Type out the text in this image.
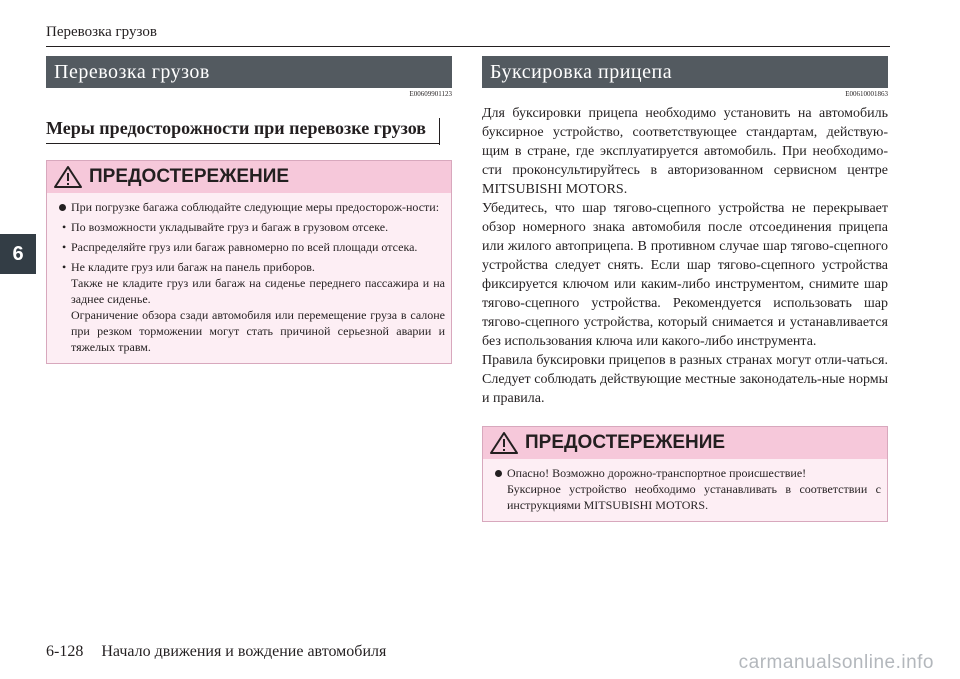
Перевозка грузов
6
Перевозка грузов
E00609901123
Меры предосторожности при перевозке грузов
ПРЕДОСТЕРЕЖЕНИЕ

При погрузке багажа соблюдайте следующие меры предосторож-ности:

• По возможности укладывайте груз и багаж в грузовом отсеке.

• Распределяйте груз или багаж равномерно по всей площади отсека.

• Не кладите груз или багаж на панель приборов.

Также не кладите груз или багаж на сиденье переднего пассажира и на заднее сиденье.

Ограничение обзора сзади автомобиля или перемещение груза в салоне при резком торможении могут стать причиной серьезной аварии и тяжелых травм.

Буксировка прицепа
E00610001863

Для буксировки прицепа необходимо установить на автомобиль буксирное устройство, соответствующее стандартам, действую-щим в стране, где эксплуатируется автомобиль. При необходимо-сти проконсультируйтесь в авторизованном сервисном центре MITSUBISHI MOTORS.

Убедитесь, что шар тягово-сцепного устройства не перекрывает обзор номерного знака автомобиля после отсоединения прицепа или жилого автоприцепа. В противном случае шар тягово-сцепного устройства следует снять. Если шар тягово-сцепного устройства фиксируется ключом или каким-либо инструментом, снимите шар тягово-сцепного устройства. Рекомендуется использовать шар тягово-сцепного устройства, который снимается и устанавливается без использования ключа или какого-либо инструмента.

Правила буксировки прицепов в разных странах могут отли-чаться. Следует соблюдать действующие местные законодатель-ные нормы и правила.

ПРЕДОСТЕРЕЖЕНИЕ

Опасно! Возможно дорожно-транспортное происшествие!

Буксирное устройство необходимо устанавливать в соответствии с инструкциями MITSUBISHI MOTORS.

6-128 Начало движения и вождение автомобиля
carmanualsonline.info
